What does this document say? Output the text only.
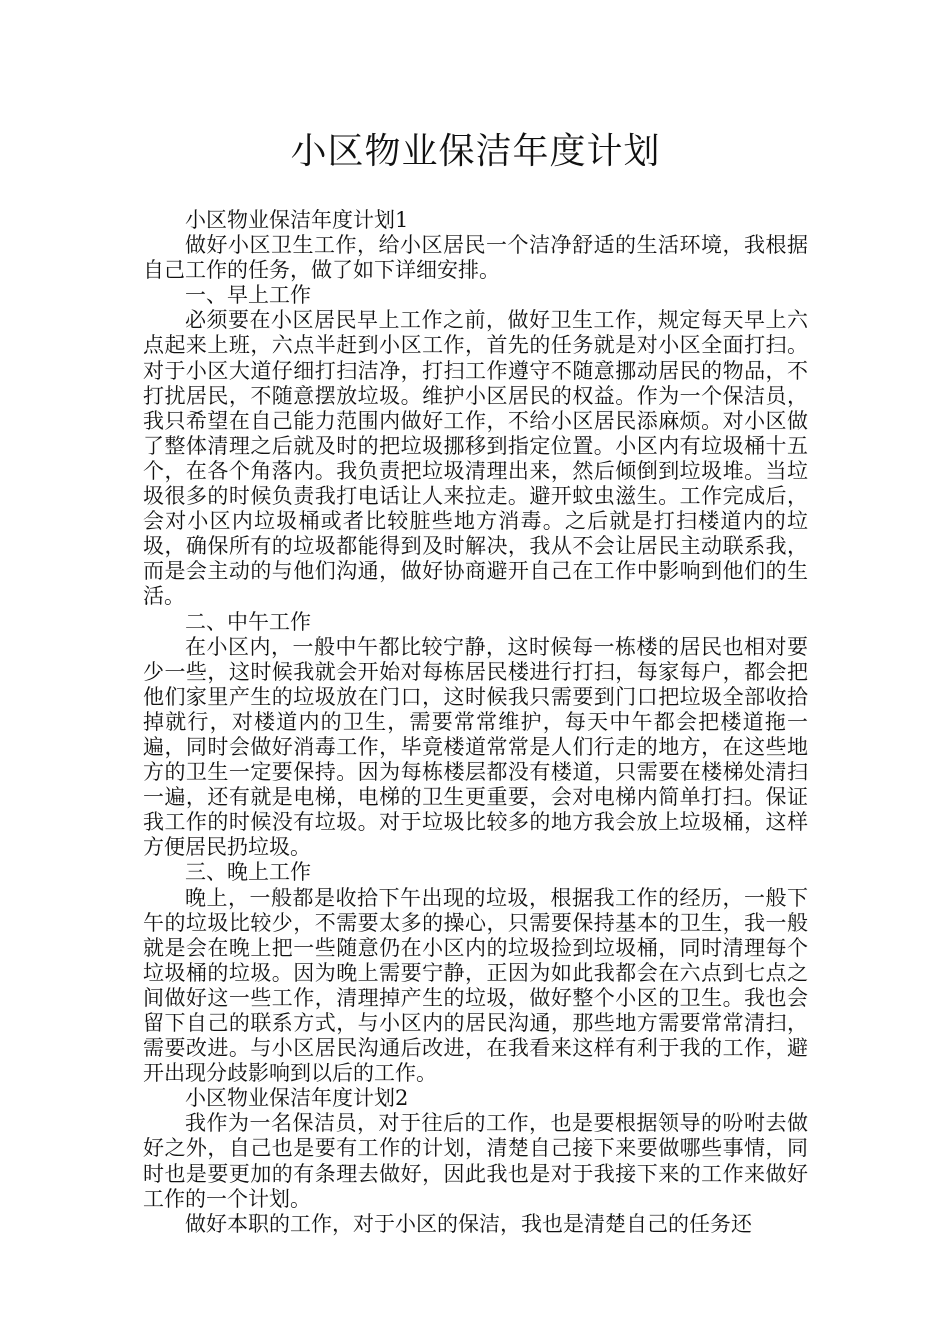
小区物业保洁年度计划

小区物业保洁年度计划1

做好小区卫生工作，给小区居民一个洁净舒适的生活环境，我根据自己工作的任务，做了如下详细安排。

一、早上工作

必须要在小区居民早上工作之前，做好卫生工作，规定每天早上六点起来上班，六点半赶到小区工作，首先的任务就是对小区全面打扫。对于小区大道仔细打扫洁净，打扫工作遵守不随意挪动居民的物品，不打扰居民，不随意摆放垃圾。维护小区居民的权益。作为一个保洁员，我只希望在自己能力范围内做好工作，不给小区居民添麻烦。对小区做了整体清理之后就及时的把垃圾挪移到指定位置。小区内有垃圾桶十五个，在各个角落内。我负责把垃圾清理出来，然后倾倒到垃圾堆。当垃圾很多的时候负责我打电话让人来拉走。避开蚊虫滋生。工作完成后，会对小区内垃圾桶或者比较脏些地方消毒。之后就是打扫楼道内的垃圾，确保所有的垃圾都能得到及时解决，我从不会让居民主动联系我，而是会主动的与他们沟通，做好协商避开自己在工作中影响到他们的生活。

二、中午工作

在小区内，一般中午都比较宁静，这时候每一栋楼的居民也相对要少一些，这时候我就会开始对每栋居民楼进行打扫，每家每户，都会把他们家里产生的垃圾放在门口，这时候我只需要到门口把垃圾全部收拾掉就行，对楼道内的卫生，需要常常维护，每天中午都会把楼道拖一遍，同时会做好消毒工作，毕竟楼道常常是人们行走的地方，在这些地方的卫生一定要保持。因为每栋楼层都没有楼道，只需要在楼梯处清扫一遍，还有就是电梯，电梯的卫生更重要，会对电梯内简单打扫。保证我工作的时候没有垃圾。对于垃圾比较多的地方我会放上垃圾桶，这样方便居民扔垃圾。

三、晚上工作

晚上，一般都是收拾下午出现的垃圾，根据我工作的经历，一般下午的垃圾比较少，不需要太多的操心，只需要保持基本的卫生，我一般就是会在晚上把一些随意仍在小区内的垃圾捡到垃圾桶，同时清理每个垃圾桶的垃圾。因为晚上需要宁静，正因为如此我都会在六点到七点之间做好这一些工作，清理掉产生的垃圾，做好整个小区的卫生。我也会留下自己的联系方式，与小区内的居民沟通，那些地方需要常常清扫，需要改进。与小区居民沟通后改进，在我看来这样有利于我的工作，避开出现分歧影响到以后的工作。

小区物业保洁年度计划2

我作为一名保洁员，对于往后的工作，也是要根据领导的吩咐去做好之外，自己也是要有工作的计划，清楚自己接下来要做哪些事情，同时也是要更加的有条理去做好，因此我也是对于我接下来的工作来做好工作的一个计划。

做好本职的工作，对于小区的保洁，我也是清楚自己的任务还
